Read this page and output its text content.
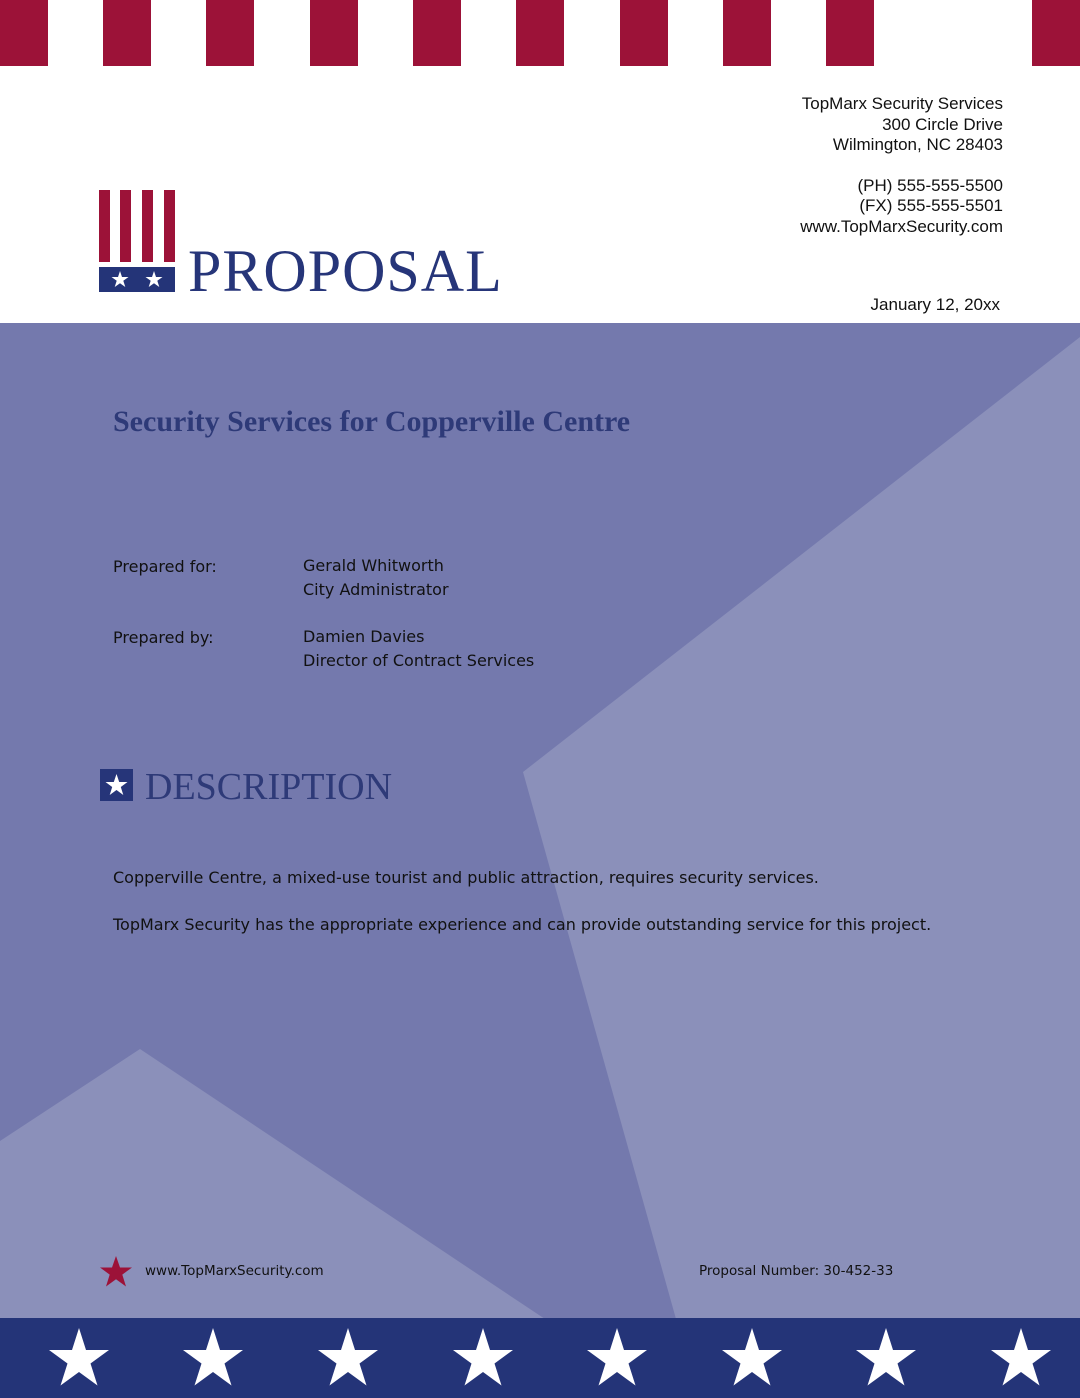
TopMarx Security Services
300 Circle Drive
Wilmington, NC 28403
(PH) 555-555-5500
(FX) 555-555-5501
www.TopMarxSecurity.com
January 12, 20xx
PROPOSAL
Security Services for Copperville Centre
Prepared for:	Gerald Whitworth
City Administrator
Prepared by:	Damien Davies
Director of Contract Services
DESCRIPTION
Copperville Centre, a mixed-use tourist and public attraction, requires security services.
TopMarx Security has the appropriate experience and can provide outstanding service for this project.
www.TopMarxSecurity.com	Proposal Number: 30-452-33
